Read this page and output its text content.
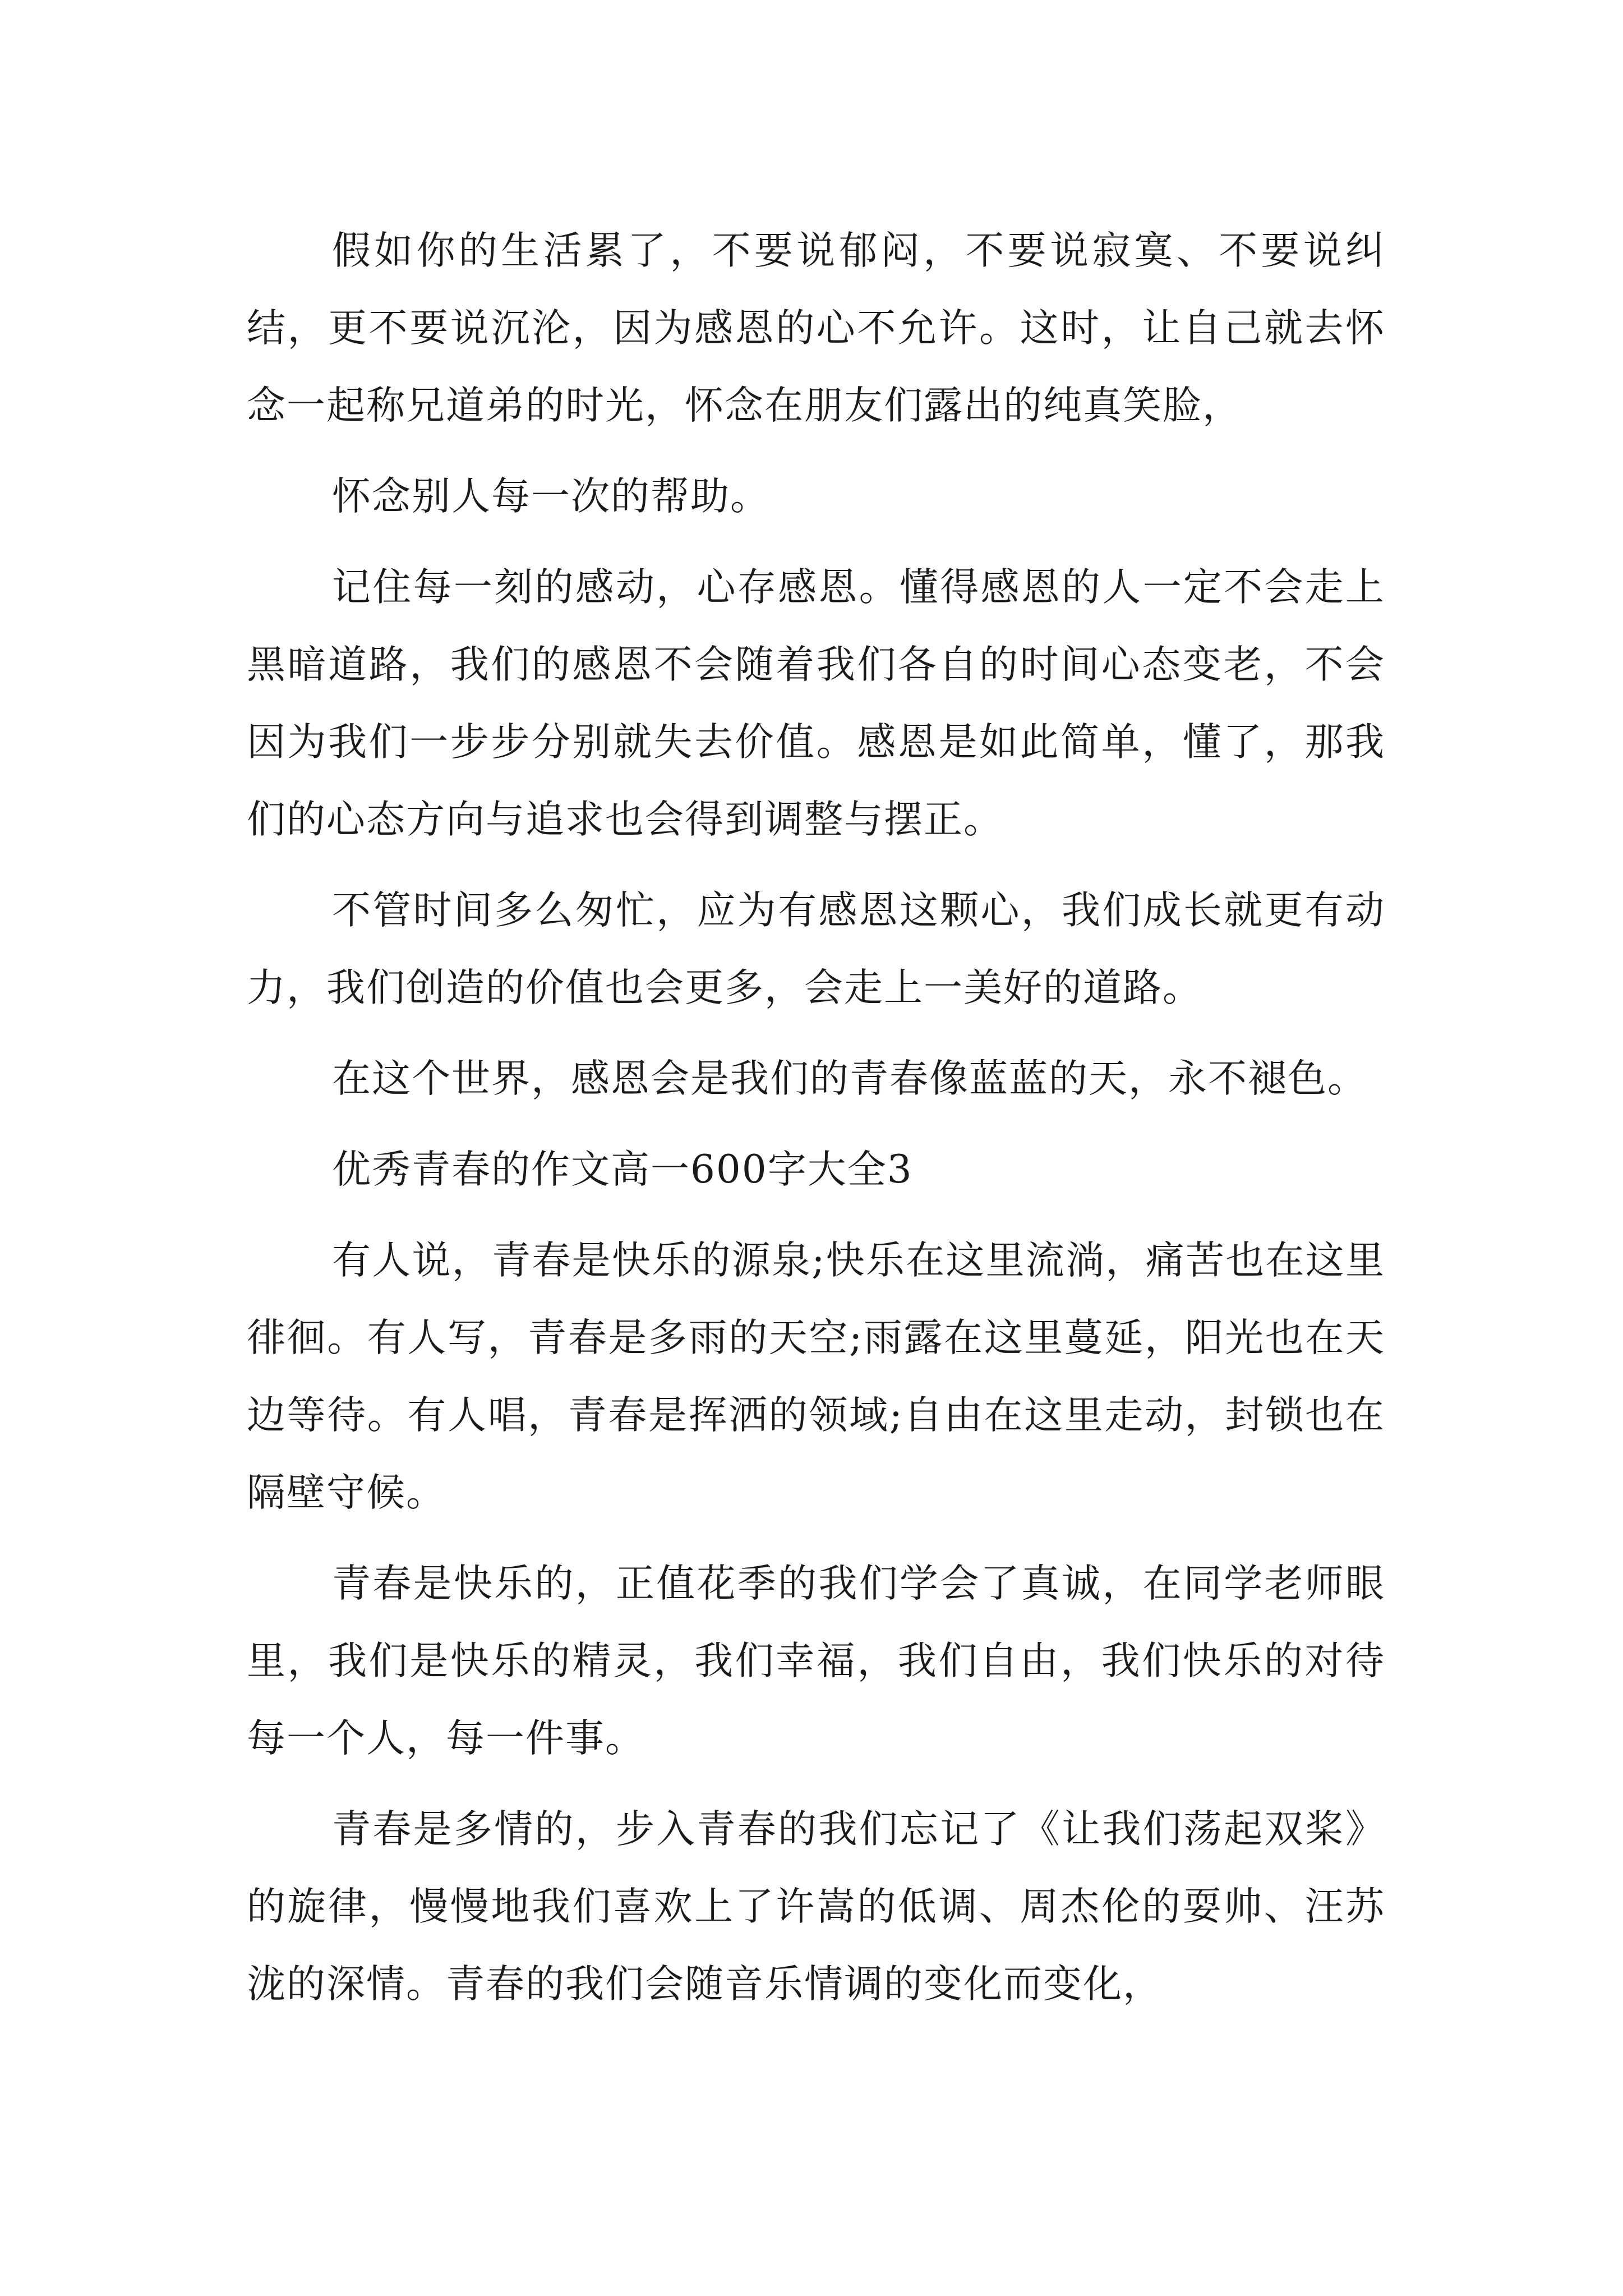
假如你的生活累了，不要说郁闷，不要说寂寞、不要说纠结，更不要说沉沦，因为感恩的心不允许。这时，让自己就去怀念一起称兄道弟的时光，怀念在朋友们露出的纯真笑脸，

怀念别人每一次的帮助。

记住每一刻的感动，心存感恩。懂得感恩的人一定不会走上黑暗道路，我们的感恩不会随着我们各自的时间心态变老，不会因为我们一步步分别就失去价值。感恩是如此简单，懂了，那我们的心态方向与追求也会得到调整与摆正。

不管时间多么匆忙，应为有感恩这颗心，我们成长就更有动力，我们创造的价值也会更多，会走上一美好的道路。

在这个世界，感恩会是我们的青春像蓝蓝的天，永不褪色。

优秀青春的作文高一600字大全3

有人说，青春是快乐的源泉;快乐在这里流淌，痛苦也在这里徘徊。有人写，青春是多雨的天空;雨露在这里蔓延，阳光也在天边等待。有人唱，青春是挥洒的领域;自由在这里走动，封锁也在隔壁守候。

青春是快乐的，正值花季的我们学会了真诚，在同学老师眼里，我们是快乐的精灵，我们幸福，我们自由，我们快乐的对待每一个人，每一件事。

青春是多情的，步入青春的我们忘记了《让我们荡起双桨》的旋律，慢慢地我们喜欢上了许嵩的低调、周杰伦的耍帅、汪苏泷的深情。青春的我们会随音乐情调的变化而变化，
